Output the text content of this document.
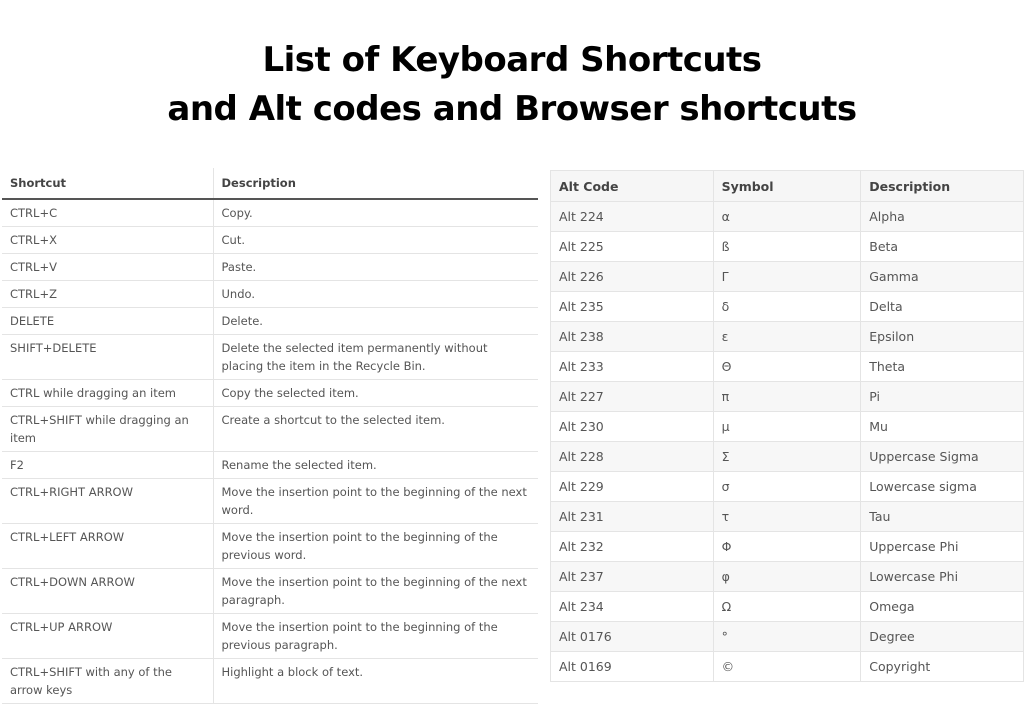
List of Keyboard Shortcuts
and Alt codes and Browser shortcuts
Shortcut	Description
CTRL+C	Copy.
CTRL+X	Cut.
CTRL+V	Paste.
CTRL+Z	Undo.
DELETE	Delete.
SHIFT+DELETE	Delete the selected item permanently without placing the item in the Recycle Bin.
CTRL while dragging an item	Copy the selected item.
CTRL+SHIFT while dragging an item	Create a shortcut to the selected item.
F2	Rename the selected item.
CTRL+RIGHT ARROW	Move the insertion point to the beginning of the next word.
CTRL+LEFT ARROW	Move the insertion point to the beginning of the previous word.
CTRL+DOWN ARROW	Move the insertion point to the beginning of the next paragraph.
CTRL+UP ARROW	Move the insertion point to the beginning of the previous paragraph.
CTRL+SHIFT with any of the arrow keys	Highlight a block of text.
Alt Code	Symbol	Description
Alt 224	α	Alpha
Alt 225	ß	Beta
Alt 226	Γ	Gamma
Alt 235	δ	Delta
Alt 238	ε	Epsilon
Alt 233	Θ	Theta
Alt 227	π	Pi
Alt 230	μ	Mu
Alt 228	Σ	Uppercase Sigma
Alt 229	σ	Lowercase sigma
Alt 231	τ	Tau
Alt 232	Φ	Uppercase Phi
Alt 237	φ	Lowercase Phi
Alt 234	Ω	Omega
Alt 0176	°	Degree
Alt 0169	©	Copyright
